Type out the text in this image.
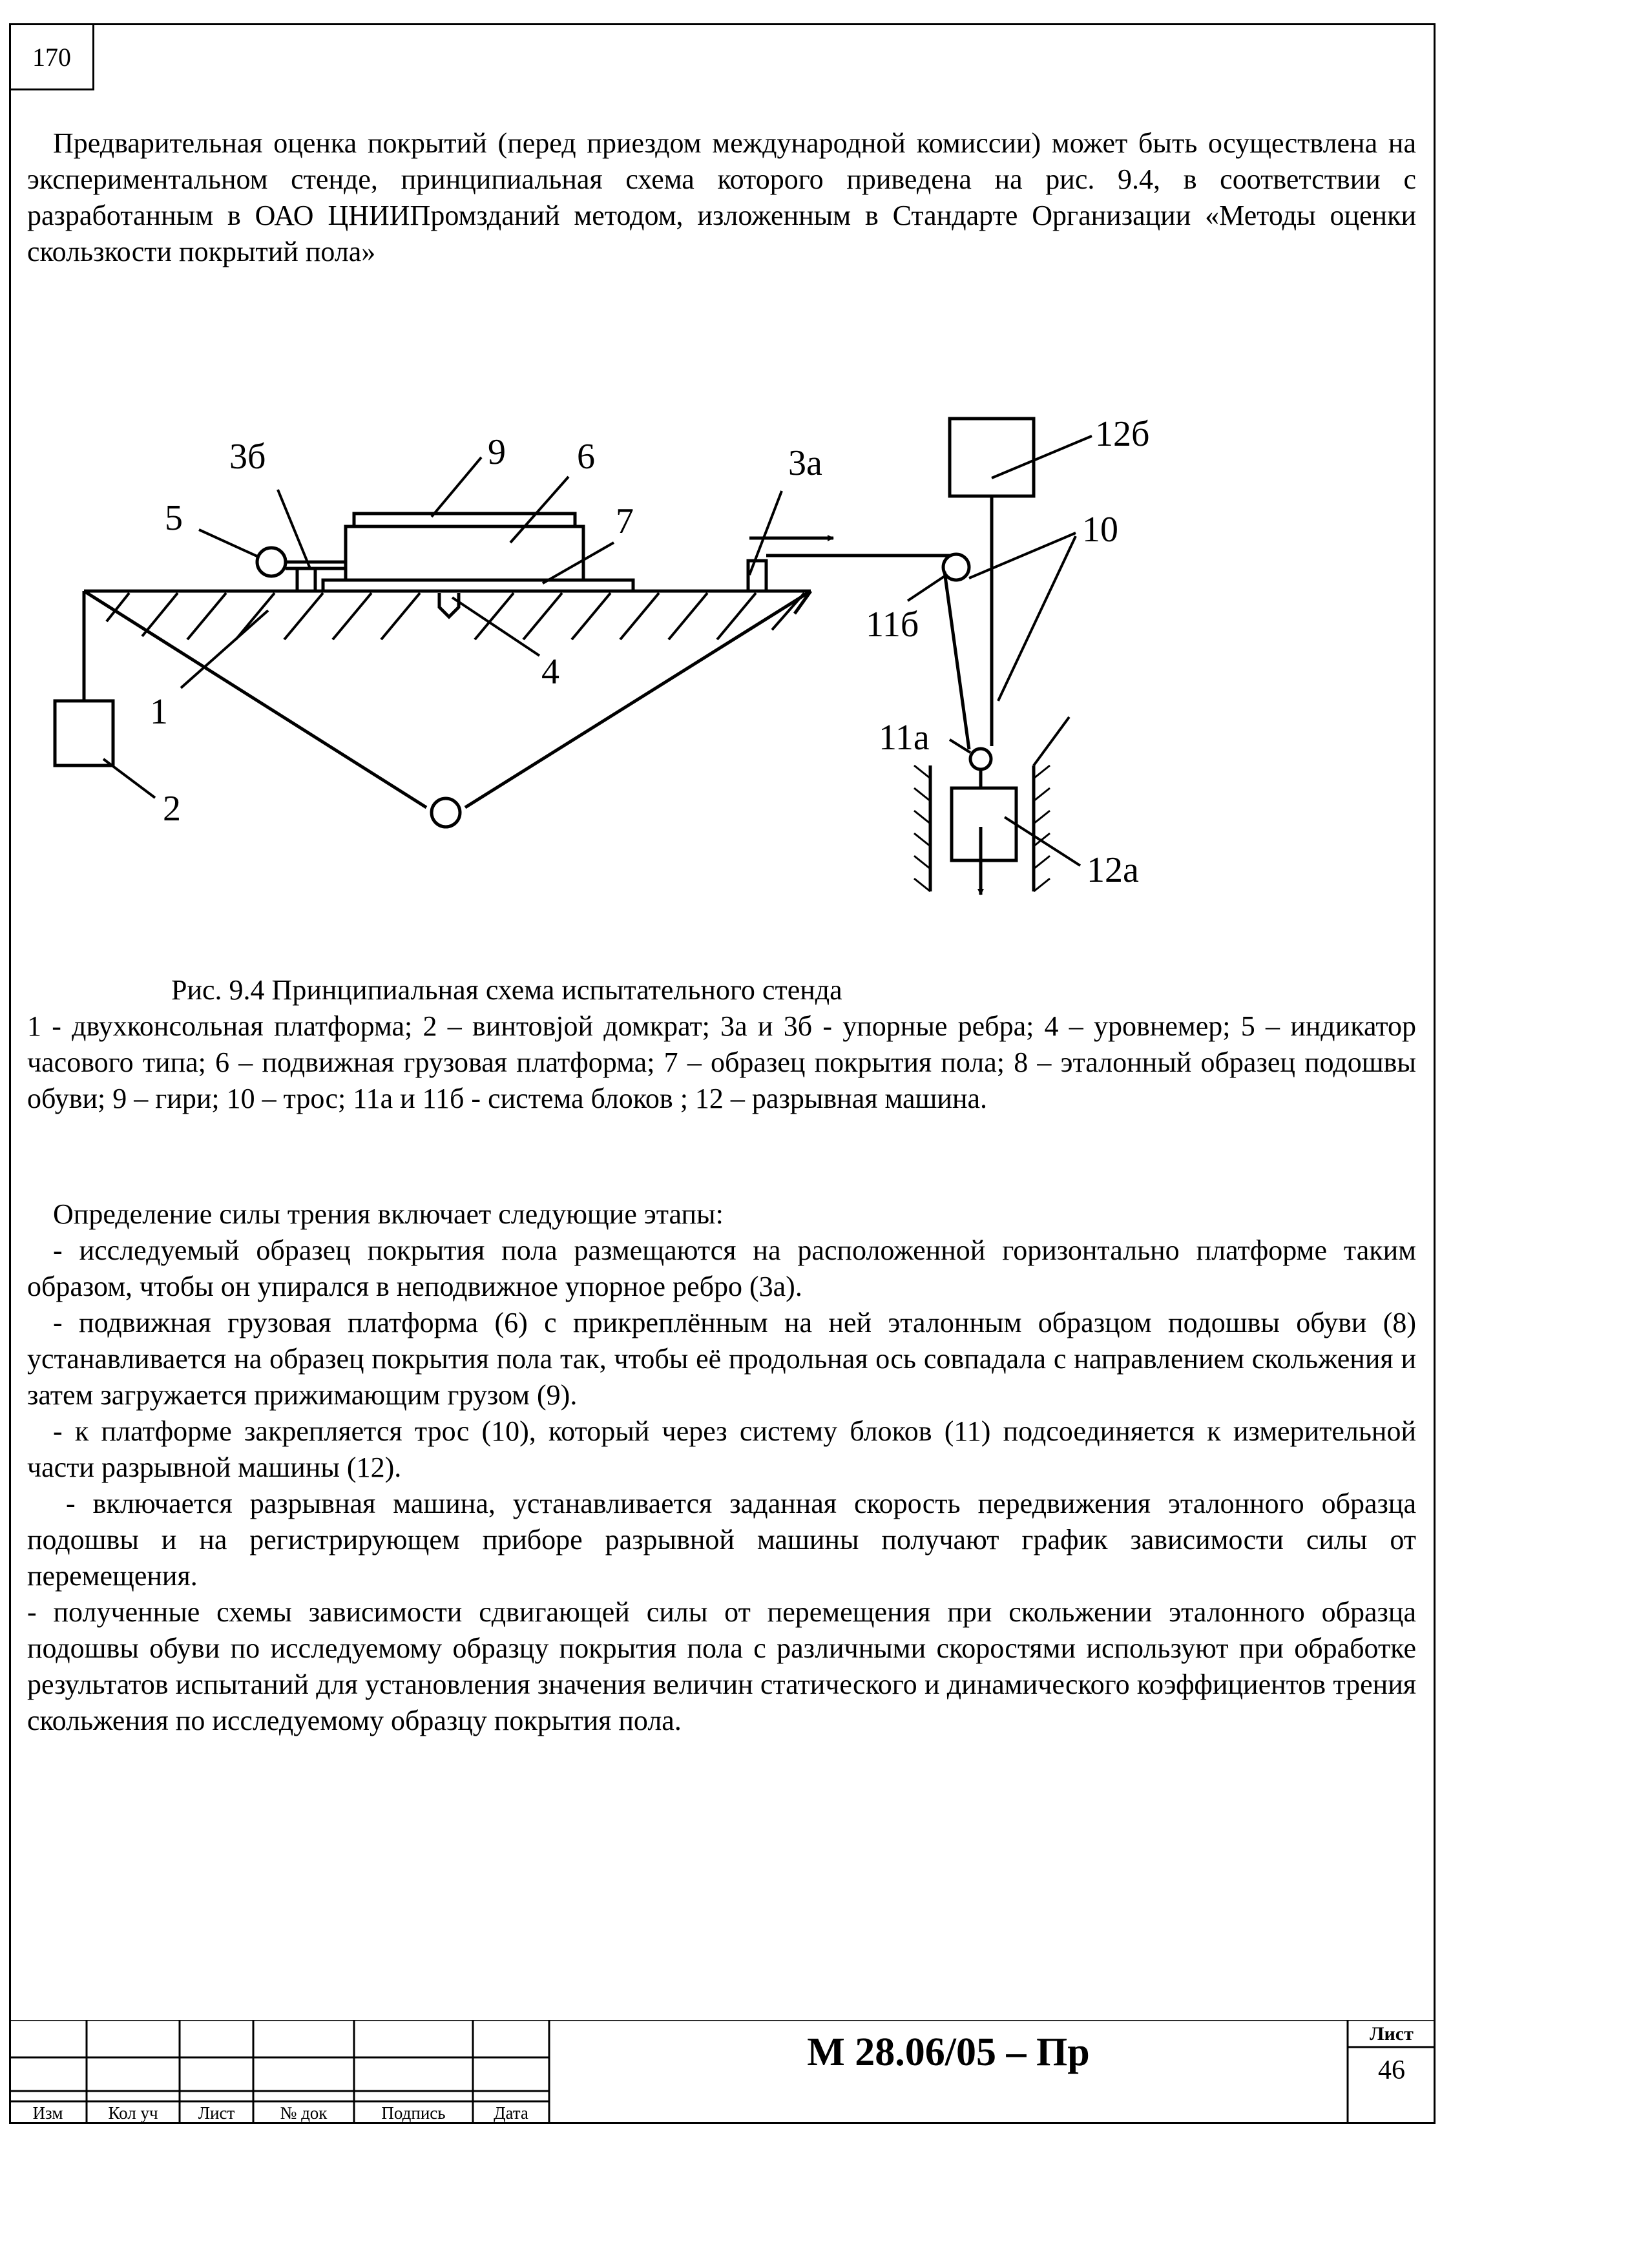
170

Предварительная оценка покрытий (перед приездом международной комиссии) может быть осуществлена на экспериментальном стенде, принципиальная схема которого приведена на рис. 9.4, в соответствии с разработанным в ОАО ЦНИИПромзданий методом, изложенным в Стандарте Организации «Методы оценки скользкости покрытий пола»

3б	9 6	3а
5	7
4
1
2
12б
10
11б
11а
12а
Рис. 9.4 Принципиальная схема испытательного стенда

1 - двухконсольная платформа; 2 – винтовjой домкрат; 3а и 3б - упорные ребра; 4 – уровнемер; 5 – индикатор часового типа; 6 – подвижная грузовая платформа; 7 – образец покрытия пола; 8 – эталонный образец подошвы обуви; 9 – гири; 10 – трос; 11а и 11б - система блоков ; 12 – разрывная машина.

Определение силы трения включает следующие этапы:

- исследуемый образец покрытия пола размещаются на расположенной горизонтально платформе таким образом, чтобы он упирался в неподвижное упорное ребро (3а).

- подвижная грузовая платформа (6) с прикреплённым на ней эталонным образцом подошвы обуви (8) устанавливается на образец покрытия пола так, чтобы её продольная ось совпадала с направлением скольжения и затем загружается прижимающим грузом (9).

- к платформе закрепляется трос (10), который через систему блоков (11) подсоединяется к измерительной части разрывной машины (12).

- включается разрывная машина, устанавливается заданная скорость передвижения эталонного образца подошвы и на регистрирующем приборе разрывной машины получают график зависимости силы от перемещения.

- полученные схемы зависимости сдвигающей силы от перемещения при скольжении эталонного образца подошвы обуви по исследуемому образцу покрытия пола с различными скоростями используют при обработке результатов испытаний для установления значения величин статического и динамического коэффициентов трения скольжения по исследуемому образцу покрытия пола.

Изм	Кол уч	Лист	№ док	Подпись	Дата
М 28.06/05 – Пр	Лист
46
